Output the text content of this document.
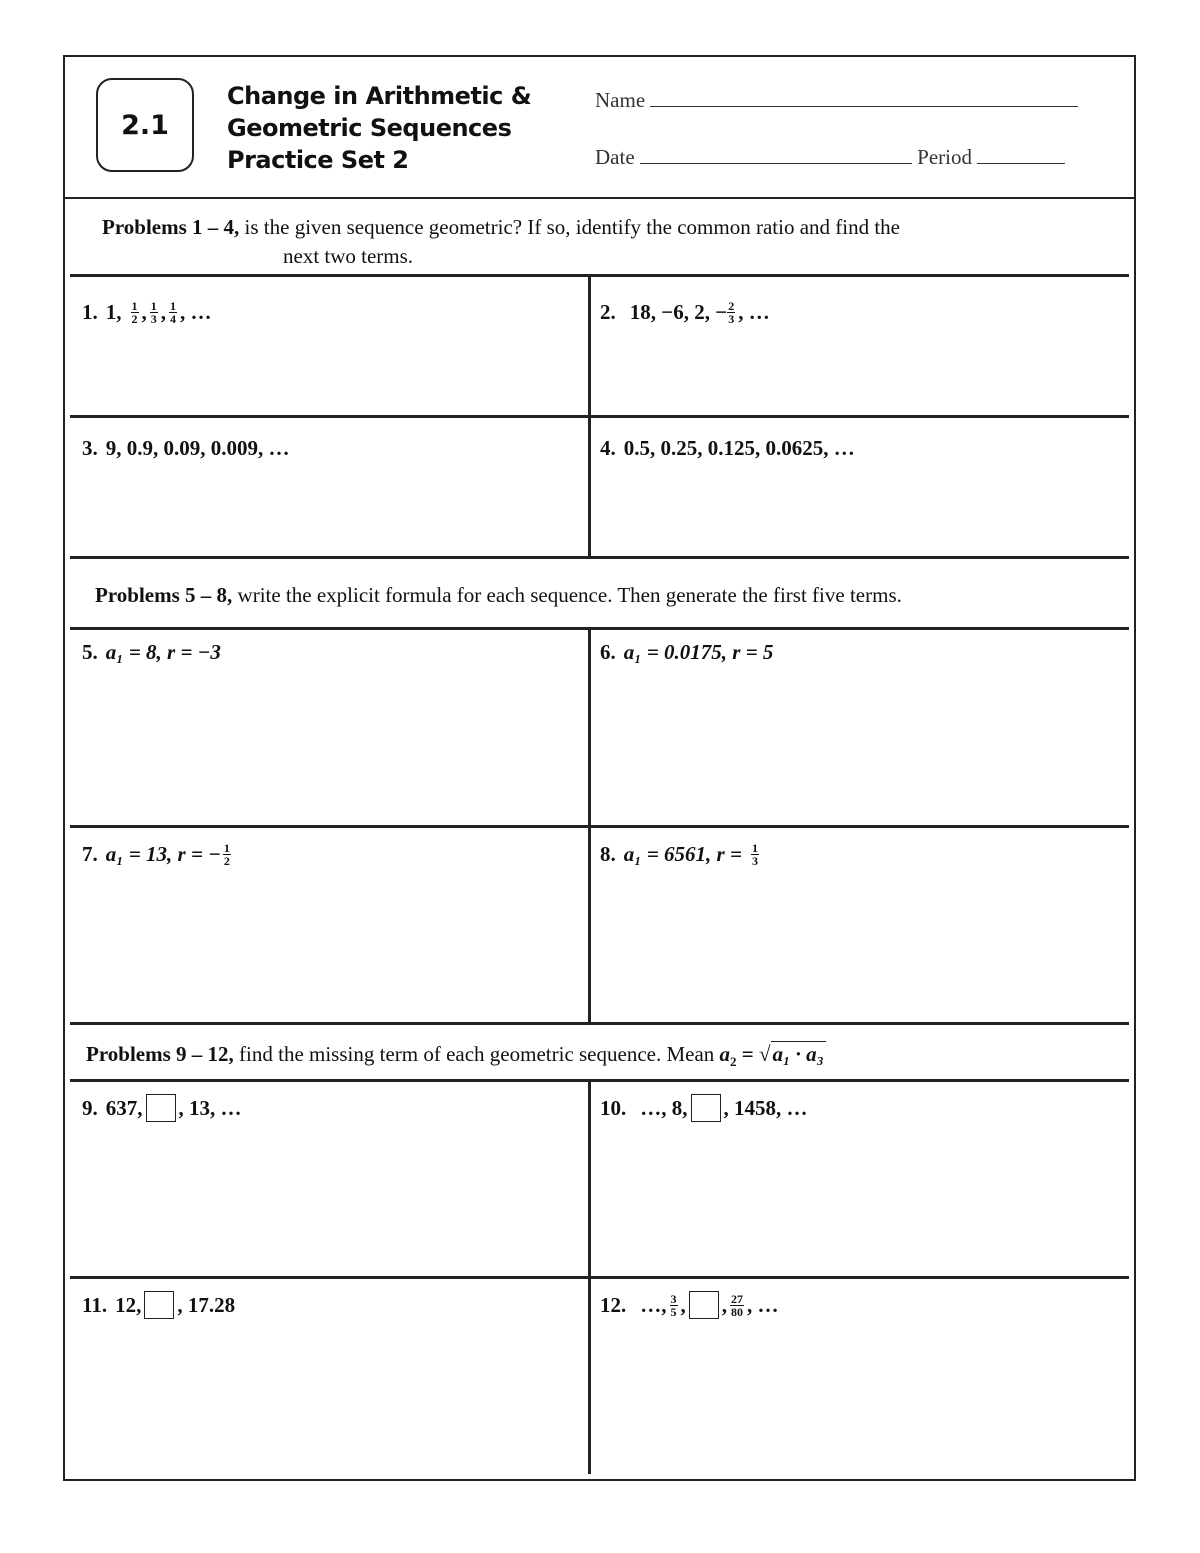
2.1
Change in Arithmetic &
Geometric Sequences
Practice Set 2
Name
Date	Period
Problems 1 – 4, is the given sequence geometric? If so, identify the common ratio and find the
next two terms.
1. 1, $\frac{1}{2}$ , $\frac{1}{3}$ , $\frac{1}{4}$ , …	2. 18, −6, 2, − $\frac{2}{3}$ , …
3. 9, 0.9, 0.09, 0.009, …	4. 0.5, 0.25, 0.125, 0.0625, …
Problems 5 – 8, write the explicit formula for each sequence. Then generate the first five terms.
5. a₁ = 8, r = −3	6. a₁ = 0.0175, r = 5
7. a₁ = 13, r = − $\frac{1}{2}$	8. a₁ = 6561, $r = \frac{1}{3}$
Problems 9 – 12, find the missing term of each geometric sequence. Mean $a_2 = √a_1 \cdot a_3$
9. 637, , 13, …	10. …, 8, , 1458, …
11. 12, , 17.28	12. …, $\frac{3}{5}$ , , $\frac{27}{80}$ , …
